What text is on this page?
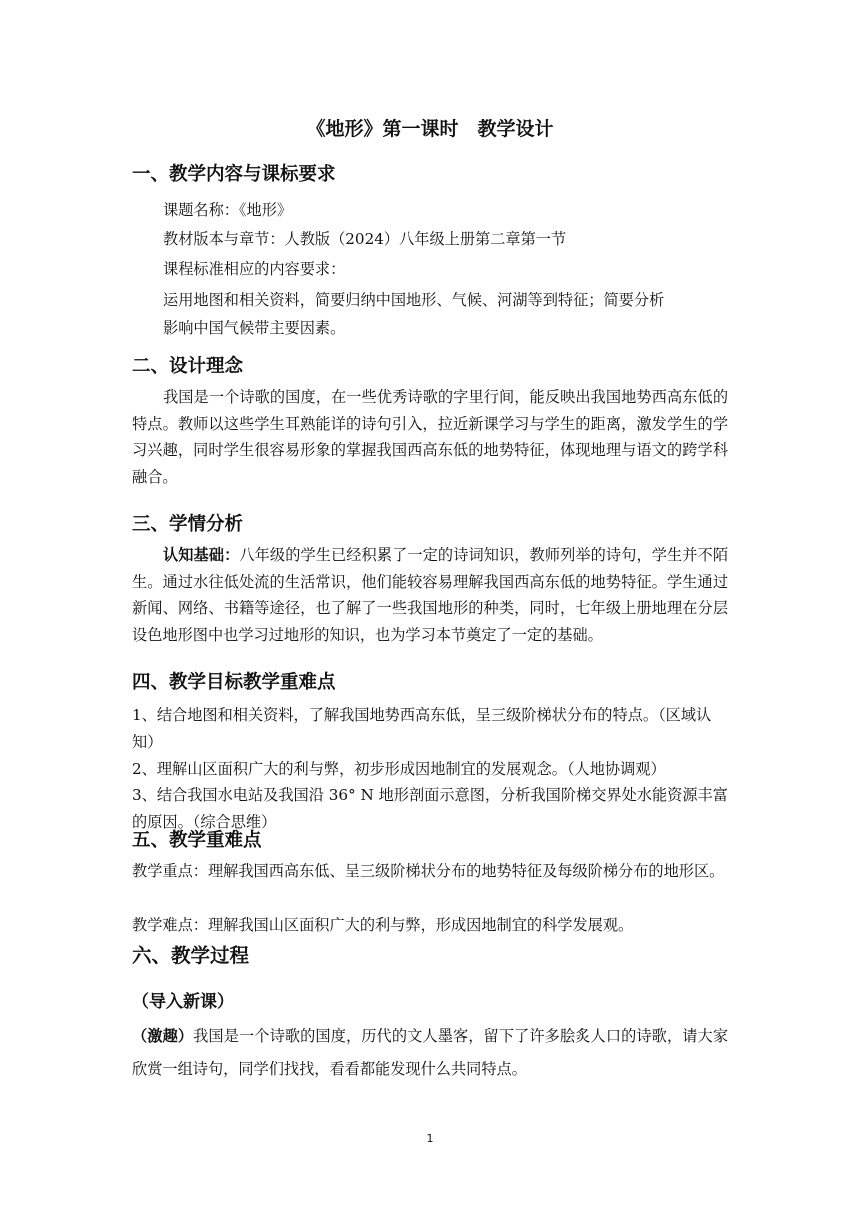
《地形》第一课时　教学设计
一、教学内容与课标要求
课题名称：《地形》
教材版本与章节：人教版（2024）八年级上册第二章第一节
课程标准相应的内容要求：
运用地图和相关资料，简要归纳中国地形、气候、河湖等到特征；简要分析
影响中国气候带主要因素。
二、设计理念
我国是一个诗歌的国度，在一些优秀诗歌的字里行间，能反映出我国地势西高东低的特点。教师以这些学生耳熟能详的诗句引入，拉近新课学习与学生的距离，激发学生的学习兴趣，同时学生很容易形象的掌握我国西高东低的地势特征，体现地理与语文的跨学科融合。
三、学情分析
认知基础：八年级的学生已经积累了一定的诗词知识，教师列举的诗句，学生并不陌生。通过水往低处流的生活常识，他们能较容易理解我国西高东低的地势特征。学生通过新闻、网络、书籍等途径，也了解了一些我国地形的种类，同时，七年级上册地理在分层设色地形图中也学习过地形的知识，也为学习本节奠定了一定的基础。
四、教学目标教学重难点
1、结合地图和相关资料，了解我国地势西高东低，呈三级阶梯状分布的特点。（区域认知）
2、理解山区面积广大的利与弊，初步形成因地制宜的发展观念。（人地协调观）
3、结合我国水电站及我国沿 36° N 地形剖面示意图，分析我国阶梯交界处水能资源丰富的原因。（综合思维）
五、教学重难点
教学重点：理解我国西高东低、呈三级阶梯状分布的地势特征及每级阶梯分布的地形区。
教学难点：理解我国山区面积广大的利与弊，形成因地制宜的科学发展观。
六、教学过程
（导入新课）
（激趣）我国是一个诗歌的国度，历代的文人墨客，留下了许多脍炙人口的诗歌，请大家欣赏一组诗句，同学们找找，看看都能发现什么共同特点。
1
